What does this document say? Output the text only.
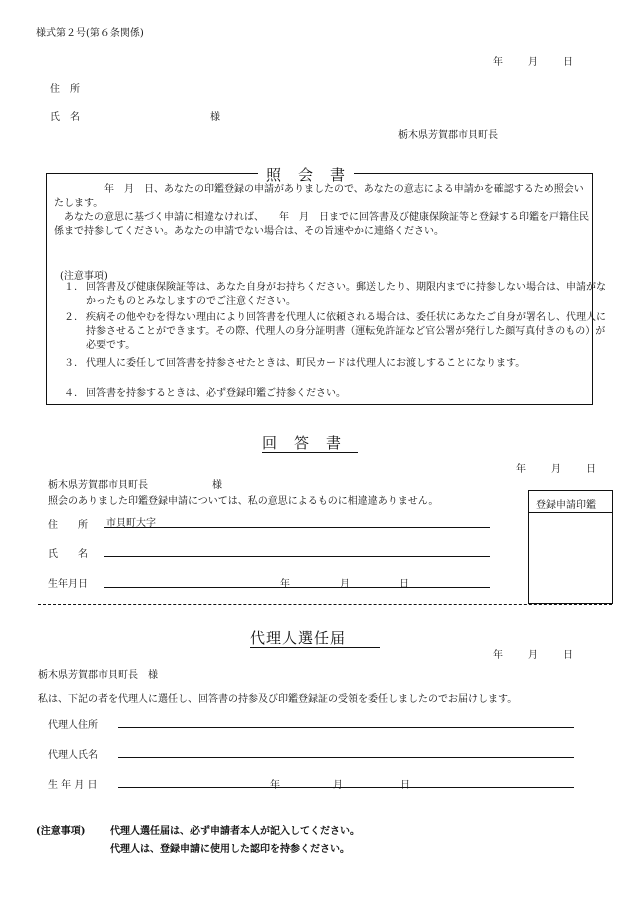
様式第２号(第６条関係)
年	月	日
住　所
氏　名	様
栃木県芳賀郡市貝町長
照　会　書
　　　　　年　月　日、あなたの印鑑登録の申請がありましたので、あなたの意志による申請かを確認するため照会いたします。
　あなたの意思に基づく申請に相違なければ、　　年　月　日までに回答書及び健康保険証等と登録する印鑑を戸籍住民係まで持参してください。あなたの申請でない場合は、その旨速やかに連絡ください。
(注意事項)
１. 回答書及び健康保険証等は、あなた自身がお持ちください。郵送したり、期限内までに持参しない場合は、申請がなかったものとみなしますのでご注意ください。
２. 疾病その他やむを得ない理由により回答書を代理人に依頼される場合は、委任状にあなたご自身が署名し、代理人に持参させることができます。その際、代理人の身分証明書（運転免許証など官公署が発行した顔写真付きのもの）が必要です。
３. 代理人に委任して回答書を持参させたときは、町民カードは代理人にお渡しすることになります。
４. 回答書を持参するときは、必ず登録印鑑ご持参ください。
回　答　書
年	月	日
栃木県芳賀郡市貝町長	様
照会のありました印鑑登録申請については、私の意思によるものに相違違ありません。
住　　所 市貝町大字
氏　　名
生年月日	年	月	日
登録申請印鑑
代理人選任届
年	月	日
栃木県芳賀郡市貝町長　様
私は、下記の者を代理人に選任し、回答書の持参及び印鑑登録証の受領を委任しましたのでお届けします。
代理人住所
代理人氏名
生 年 月 日	年	月	日
(注意事項) 代理人選任届は、必ず申請者本人が記入してください。
代理人は、登録申請に使用した認印を持参ください。
